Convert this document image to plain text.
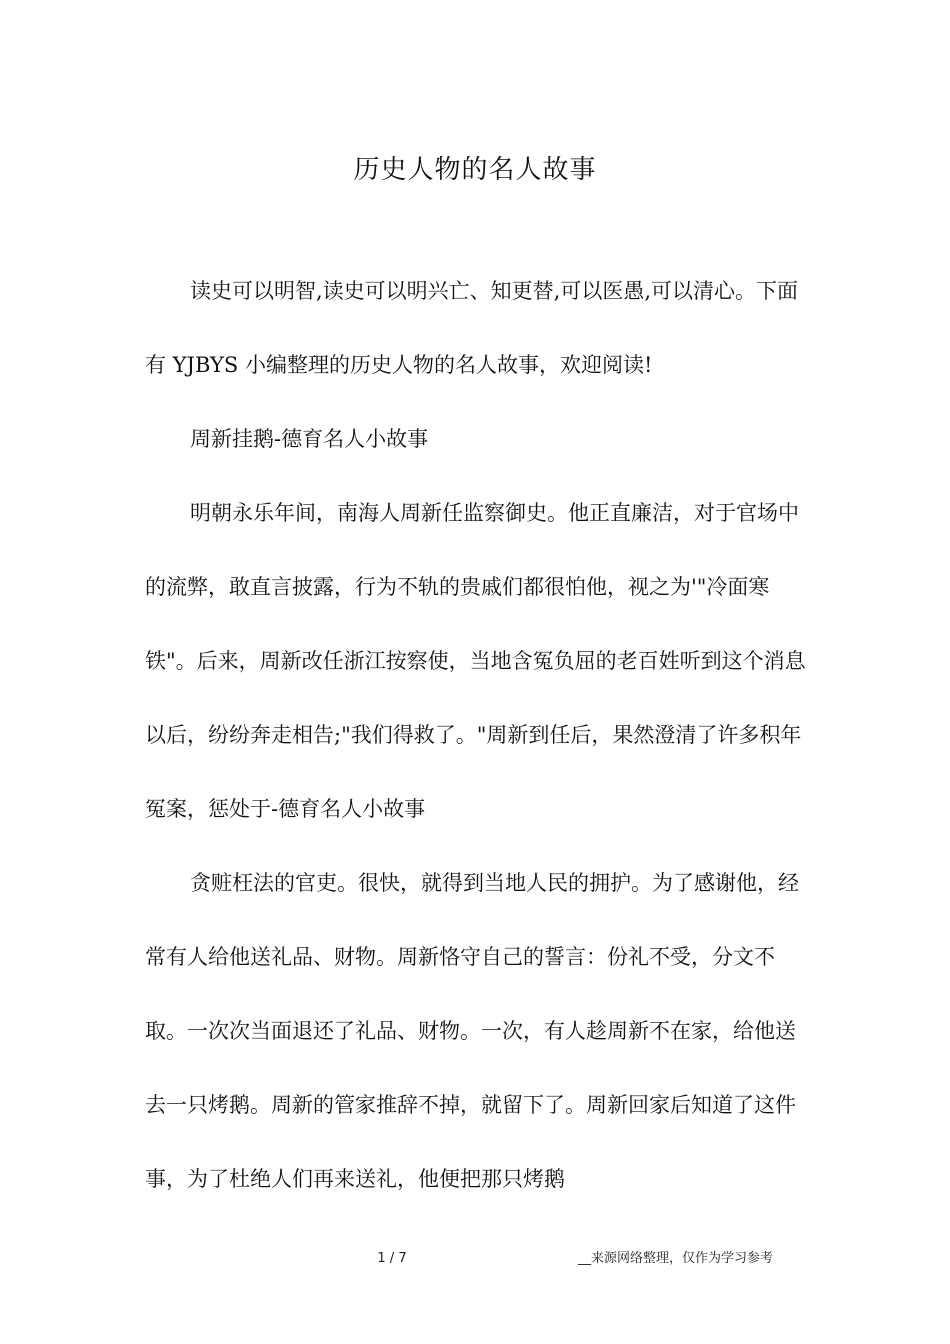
历史人物的名人故事

读史可以明智,读史可以明兴亡、知更替,可以医愚,可以清心。下面有 YJBYS 小编整理的历史人物的名人故事，欢迎阅读!

周新挂鹅-德育名人小故事

明朝永乐年间，南海人周新任监察御史。他正直廉洁，对于官场中的流弊，敢直言披露，行为不轨的贵戚们都很怕他，视之为'"冷面寒铁"。后来，周新改任浙江按察使，当地含冤负屈的老百姓听到这个消息以后，纷纷奔走相告;"我们得救了。"周新到任后，果然澄清了许多积年冤案，惩处于-德育名人小故事

贪赃枉法的官吏。很快，就得到当地人民的拥护。为了感谢他，经常有人给他送礼品、财物。周新恪守自己的誓言：份礼不受，分文不取。一次次当面退还了礼品、财物。一次，有人趁周新不在家，给他送去一只烤鹅。周新的管家推辞不掉，就留下了。周新回家后知道了这件事，为了杜绝人们再来送礼，他便把那只烤鹅

1 / 7	__来源网络整理，仅作为学习参考
